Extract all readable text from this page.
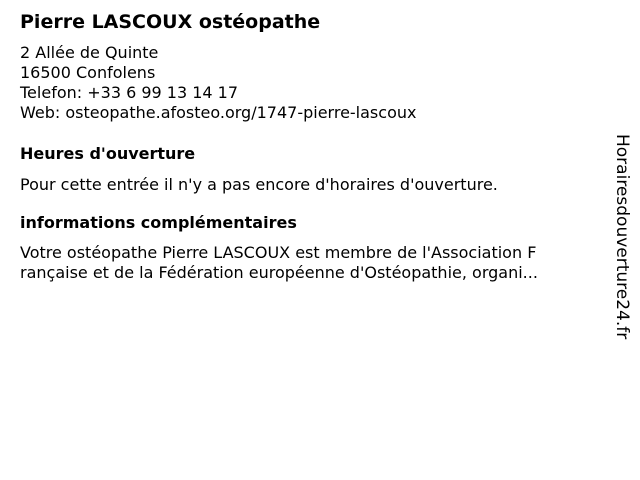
Pierre LASCOUX ostéopathe
2 Allée de Quinte
16500 Confolens
Telefon: +33 6 99 13 14 17
Web: osteopathe.afosteo.org/1747-pierre-lascoux
Heures d'ouverture
Pour cette entrée il n'y a pas encore d'horaires d'ouverture.
informations complémentaires
Votre ostéopathe Pierre LASCOUX est membre de l'Association F
rançaise et de la Fédération européenne d'Ostéopathie, organi...	Horairesdouverture24.fr
